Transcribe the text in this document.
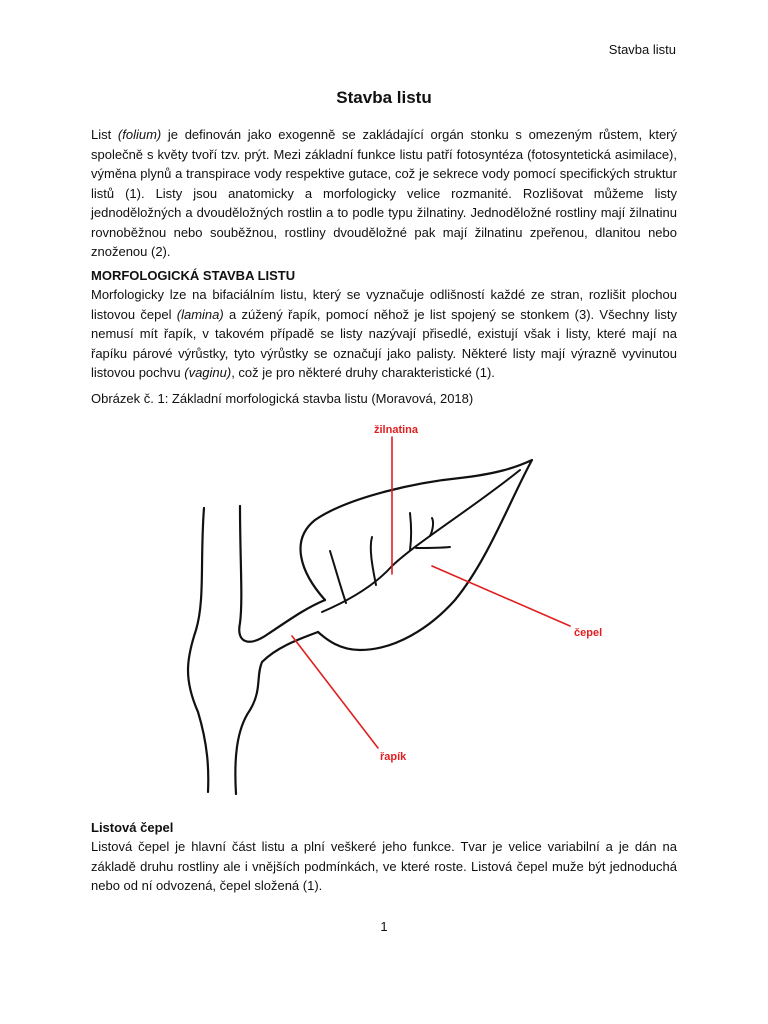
Stavba listu
Stavba listu

List (folium) je definován jako exogenně se zakládající orgán stonku s omezeným růstem, který společně s květy tvoří tzv. prýt. Mezi základní funkce listu patří fotosyntéza (fotosyntetická asimilace), výměna plynů a transpirace vody respektive gutace, což je sekrece vody pomocí specifických struktur listů (1). Listy jsou anatomicky a morfologicky velice rozmanité. Rozlišovat můžeme listy jednoděložných a dvouděložných rostlin a to podle typu žilnatiny. Jednoděložné rostliny mají žilnatinu rovnoběžnou nebo souběžnou, rostliny dvouděložné pak mají žilnatinu zpeřenou, dlanitou nebo znoženou (2).

MORFOLOGICKÁ STAVBA LISTU

Morfologicky lze na bifaciálním listu, který se vyznačuje odlišností každé ze stran, rozlišit plochou listovou čepel (lamina) a zúžený řapík, pomocí něhož je list spojený se stonkem (3). Všechny listy nemusí mít řapík, v takovém případě se listy nazývají přisedlé, existují však i listy, které mají na řapíku párové výrůstky, tyto výrůstky se označují jako palisty. Některé listy mají výrazně vyvinutou listovou pochvu (vaginu), což je pro některé druhy charakteristické (1).

Obrázek č. 1: Základní morfologická stavba listu (Moravová, 2018)

žilnatina
čepel
řapík
Listová čepel

Listová čepel je hlavní část listu a plní veškeré jeho funkce. Tvar je velice variabilní a je dán na základě druhu rostliny ale i vnějších podmínkách, ve které roste. Listová čepel muže být jednoduchá nebo od ní odvozená, čepel složená (1).

1
